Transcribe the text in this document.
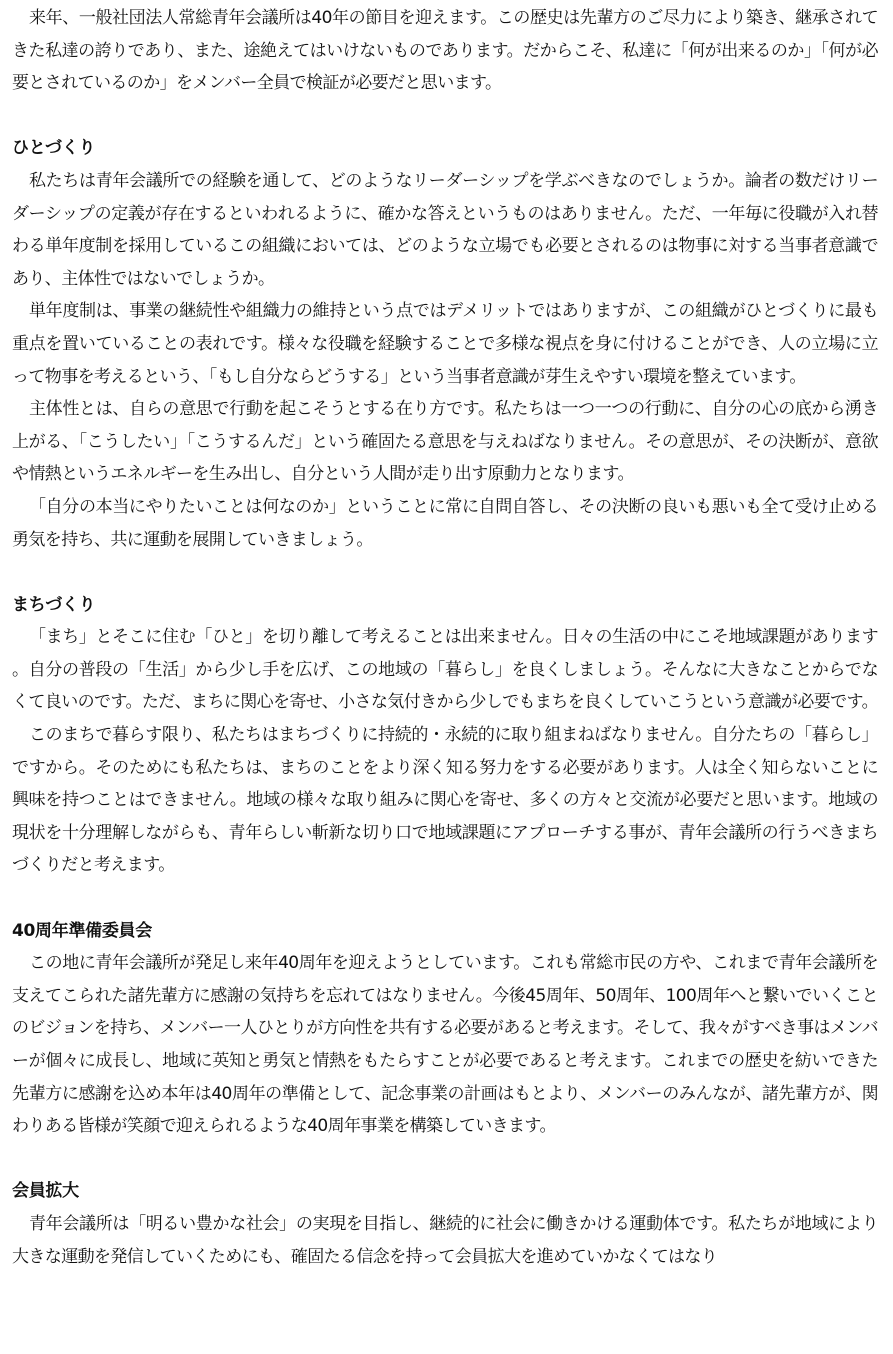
来年、一般社団法人常総青年会議所は40年の節目を迎えます。この歴史は先輩方のご尽力により築き、継承されてきた私達の誇りであり、また、途絶えてはいけないものであります。だからこそ、私達に「何が出来るのか」「何が必要とされているのか」をメンバー全員で検証が必要だと思います。

ひとづくり

私たちは青年会議所での経験を通して、どのようなリーダーシップを学ぶべきなのでしょうか。論者の数だけリーダーシップの定義が存在するといわれるように、確かな答えというものはありません。ただ、一年毎に役職が入れ替わる単年度制を採用しているこの組織においては、どのような立場でも必要とされるのは物事に対する当事者意識であり、主体性ではないでしょうか。

単年度制は、事業の継続性や組織力の維持という点ではデメリットではありますが、この組織がひとづくりに最も重点を置いていることの表れです。様々な役職を経験することで多様な視点を身に付けることができ、人の立場に立って物事を考えるという、「もし自分ならどうする」という当事者意識が芽生えやすい環境を整えています。

主体性とは、自らの意思で行動を起こそうとする在り方です。私たちは一つ一つの行動に、自分の心の底から湧き上がる、「こうしたい」「こうするんだ」という確固たる意思を与えねばなりません。その意思が、その決断が、意欲や情熱というエネルギーを生み出し、自分という人間が走り出す原動力となります。

「自分の本当にやりたいことは何なのか」ということに常に自問自答し、その決断の良いも悪いも全て受け止める勇気を持ち、共に運動を展開していきましょう。

まちづくり

「まち」とそこに住む「ひと」を切り離して考えることは出来ません。日々の生活の中にこそ地域課題があります。自分の普段の「生活」から少し手を広げ、この地域の「暮らし」を良くしましょう。そんなに大きなことからでなくて良いのです。ただ、まちに関心を寄せ、小さな気付きから少しでもまちを良くしていこうという意識が必要です。

このまちで暮らす限り、私たちはまちづくりに持続的・永続的に取り組まねばなりません。自分たちの「暮らし」ですから。そのためにも私たちは、まちのことをより深く知る努力をする必要があります。人は全く知らないことに興味を持つことはできません。地域の様々な取り組みに関心を寄せ、多くの方々と交流が必要だと思います。地域の現状を十分理解しながらも、青年らしい斬新な切り口で地域課題にアプローチする事が、青年会議所の行うべきまちづくりだと考えます。

40周年準備委員会

この地に青年会議所が発足し来年40周年を迎えようとしています。これも常総市民の方や、これまで青年会議所を支えてこられた諸先輩方に感謝の気持ちを忘れてはなりません。今後45周年、50周年、100周年へと繋いでいくことのビジョンを持ち、メンバー一人ひとりが方向性を共有する必要があると考えます。そして、我々がすべき事はメンバーが個々に成長し、地域に英知と勇気と情熱をもたらすことが必要であると考えます。これまでの歴史を紡いできた先輩方に感謝を込め本年は40周年の準備として、記念事業の計画はもとより、メンバーのみんなが、諸先輩方が、関わりある皆様が笑顔で迎えられるような40周年事業を構築していきます。

会員拡大

青年会議所は「明るい豊かな社会」の実現を目指し、継続的に社会に働きかける運動体です。私たちが地域により大きな運動を発信していくためにも、確固たる信念を持って会員拡大を進めていかなくてはなり
